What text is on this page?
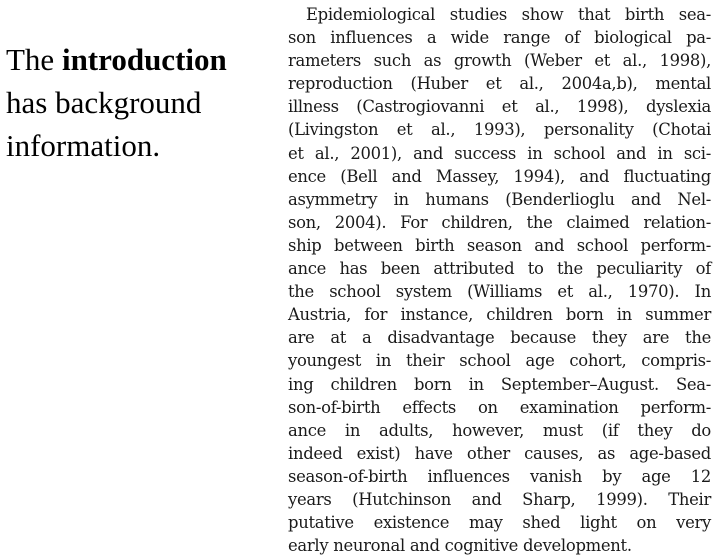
The introduction has background information.
Epidemiological studies show that birth sea-
son influences a wide range of biological pa-
rameters such as growth (Weber et al., 1998),
reproduction (Huber et al., 2004a,b), mental
illness (Castrogiovanni et al., 1998), dyslexia
(Livingston et al., 1993), personality (Chotai
et al., 2001), and success in school and in sci-
ence (Bell and Massey, 1994), and fluctuating
asymmetry in humans (Benderlioglu and Nel-
son, 2004). For children, the claimed relation-
ship between birth season and school perform-
ance has been attributed to the peculiarity of
the school system (Williams et al., 1970). In
Austria, for instance, children born in summer
are at a disadvantage because they are the
youngest in their school age cohort, compris-
ing children born in September–August. Sea-
son-of-birth effects on examination perform-
ance in adults, however, must (if they do
indeed exist) have other causes, as age-based
season-of-birth influences vanish by age 12
years (Hutchinson and Sharp, 1999). Their
putative existence may shed light on very
early neuronal and cognitive development.
